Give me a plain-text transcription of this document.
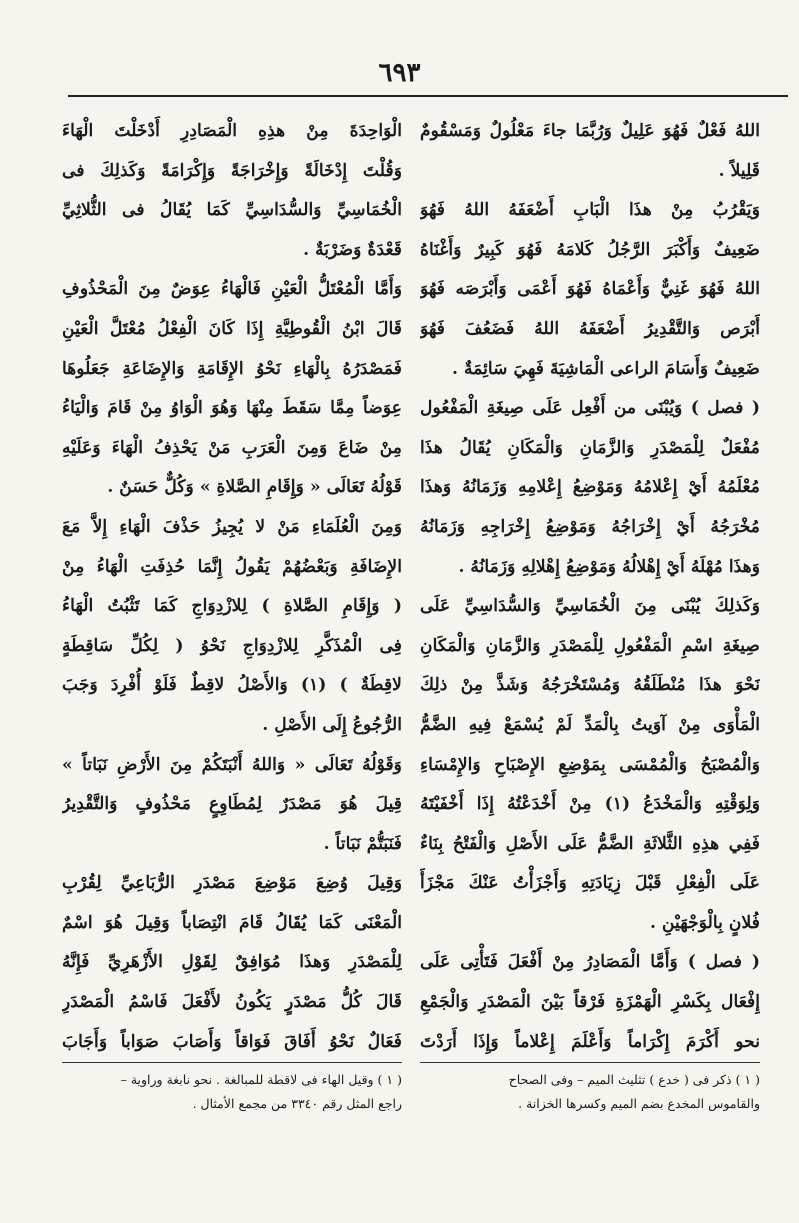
٦٩٣
اللهُ فَعْلٌ فَهُوَ عَلِيلٌ وَرُبَّمَا جاءَ مَعْلُولٌ وَمَسْقُومٌ
قَلِيلاً .
وَيَقْرُبُ مِنْ هذَا الْبَابِ أَضْعَفَهُ اللهُ فَهُوَ
ضَعِيفٌ وَأَكْبَرَ الرَّجُلُ كَلامَهُ فَهُوَ كَبِيرٌ وَأَغْنَاهُ
اللهُ فَهُوَ غَنِيٌّ وَأَعْمَاهُ فَهُوَ أَعْمَى وَأَبْرَصَه فَهُوَ
أَبْرَص وَالتَّقْدِيرُ أَضْعَفَهُ اللهُ فَضَعُفَ فَهُوَ
ضَعِيفٌ وَأَسَامَ الراعى الْمَاشِيَةَ فَهِيَ سَائِمَةٌ .
( فصل ) وَيُبْنَى من أَفْعِل عَلَى صِيغَةِ الْمَفْعُول
مُفْعَلٌ لِلْمَصْدَرِ وَالزَّمَانِ وَالْمَكَانِ يُقَالُ هذَا
مُعْلَمُهُ أَيْ إِعْلامُهُ وَمَوْضِعُ إِعْلامِهِ وَزَمَانُهُ وَهذَا
مُخْرَجُهُ أَيْ إِخْرَاجُهُ وَمَوْضِعُ إِخْرَاجِهِ وَزَمَانُهُ
وَهذَا مُهْلَهُ أَيْ إِهْلالُهُ وَمَوْضِعُ إِهْلالِهِ وَزَمَانُهُ .
وَكَذلِكَ يُبْنَى مِنَ الْخُمَاسِيِّ وَالسُّدَاسِيِّ عَلَى
صِيغَةِ اسْمِ الْمَفْعُولِ لِلْمَصْدَرِ وَالزَّمَانِ وَالْمَكَانِ
نَحْوَ هذَا مُنْطَلَقُهُ وَمُسْتَخْرَجُهُ وَشَذَّ مِنْ ذلِكَ
الْمَأْوَى مِنْ آوَيتُ بِالْمَدِّ لَمْ يُسْمَعْ فِيهِ الضَّمُّ
وَالْمُصْبَحُ وَالْمُمْسَى بِمَوْضِعِ الإِصْبَاحِ وَالإِمْسَاءِ
وَلِوَقْتِهِ وَالْمَخْدَعُ (١) مِنْ أَخْدَعْتُهُ إِذَا أَخْفَيْتَهُ
فَفِي هذِهِ الثَّلاثَةِ الضَّمُّ عَلَى الأَصْلِ وَالْفَتْحُ بِنَاءٌ
عَلَى الْفِعْلِ قَبْلَ زِيَادَتِهِ وَأَجْزَأْتُ عَنْكَ مَجْزَأَ
فُلانٍ بِالْوَجْهَيْنِ .
( فصل ) وَأَمَّا الْمَصَادِرُ مِنْ أَفْعَلَ فَتَأْتِى عَلَى
إِفْعَال بِكَسْرِ الْهَمْزَةِ فَرْقاً بَيْنَ الْمَصْدَرِ وَالْجَمْعِ
نحو أَكْرَمَ إِكْرَاماً وَأَعْلَمَ إِعْلاماً وَإِذَا أَرَدْتَ
الْوَاحِدَةَ مِنْ هذِهِ الْمَصَادِرِ أَدْخَلْتَ الْهَاءَ
وَقُلْتَ إِدْخَالَةً وَإِخْرَاجَةً وَإِكْرَامَةً وَكَذلِكَ فى
الْخُمَاسِيِّ وَالسُّدَاسِيِّ كَمَا يُقَالُ فى الثُّلاثِيِّ
قَعْدَةٌ وَضَرْبَةٌ .
وَأَمَّا الْمُعْتَلُّ الْعَيْنِ فَالْهَاءُ عِوَضٌ مِنَ الْمَحْذُوفِ
قَالَ ابْنُ الْقُوطِيَّةِ إِذَا كَانَ الْفِعْلُ مُعْتَلَّ الْعَيْنِ
فَمَصْدَرُهُ بِالْهَاءِ نَحْوُ الإِقَامَةِ وَالإِضَاعَةِ جَعَلُوهَا
عِوَضاً مِمَّا سَقَطَ مِنْهَا وَهُوَ الْوَاوُ مِنْ قَامَ وَالْيَاءُ
مِنْ ضَاعَ وَمِنَ الْعَرَبِ مَنْ يَحْذِفُ الْهَاءَ وَعَلَيْهِ
قَوْلُهُ تَعَالَى « وَإِقَامِ الصَّلاةِ » وَكُلٌّ حَسَنٌ .
وَمِنَ الْعُلَمَاءِ مَنْ لا يُجِيزُ حَذْفَ الْهَاءِ إِلاَّ مَعَ
الإِضَافَةِ وَبَعْضُهُمْ يَقُولُ إِنَّمَا حُذِفَتِ الْهَاءُ مِنْ
( وَإِقَامِ الصَّلاةِ ) لِلازْدِوَاجِ كَمَا تَثْبُتُ الْهَاءُ
فِى الْمُذَكَّرِ لِلازْدِوَاجِ نَحْوُ ( لِكُلِّ سَاقِطَةٍ
لاقِطَةٌ ) (١) وَالأَصْلُ لاقِطٌ فَلَوْ أُفْرِدَ وَجَبَ
الرُّجُوعُ إِلَى الأَصْلِ .
وَقَوْلُهُ تَعَالَى « وَاللهُ أَنْبَتَكُمْ مِنَ الأَرْضِ نَبَاتاً »
قِيلَ هُوَ مَصْدَرٌ لِمُطَاوِعٍ مَحْذُوفٍ وَالتَّقْدِيرُ
فَنَبَتُّمْ نَبَاتاً .
وَقِيلَ وُضِعَ مَوْضِعَ مَصْدَرِ الرُّبَاعِيِّ لِقُرْبِ
الْمَعْنَى كَمَا يُقَالُ قَامَ انْتِصَاباً وَقِيلَ هُوَ اسْمٌ
لِلْمَصْدَرِ وَهذَا مُوَافِقٌ لِقَوْلِ الأَزْهَرِيِّ فَإِنَّهُ
قَالَ كُلُّ مَصْدَرٍ يَكُونُ لأَفْعَلَ فَاسْمُ الْمَصْدَرِ
فَعَالٌ نَحْوُ أَفَاقَ فَوَاقاً وَأَصَابَ صَوَاباً وَأَجَابَ
( ١ ) ذكر فى ( خدع ) تثليث الميم – وفى الصحاح
والقاموس المخدع بضم الميم وكسرها الخزانة .
( ١ ) وقيل الهاء فى لاقطة للمبالغة . نحو نابغة وراوية –
راجع المثل رقم ٣٣٤٠ من مجمع الأمثال .
